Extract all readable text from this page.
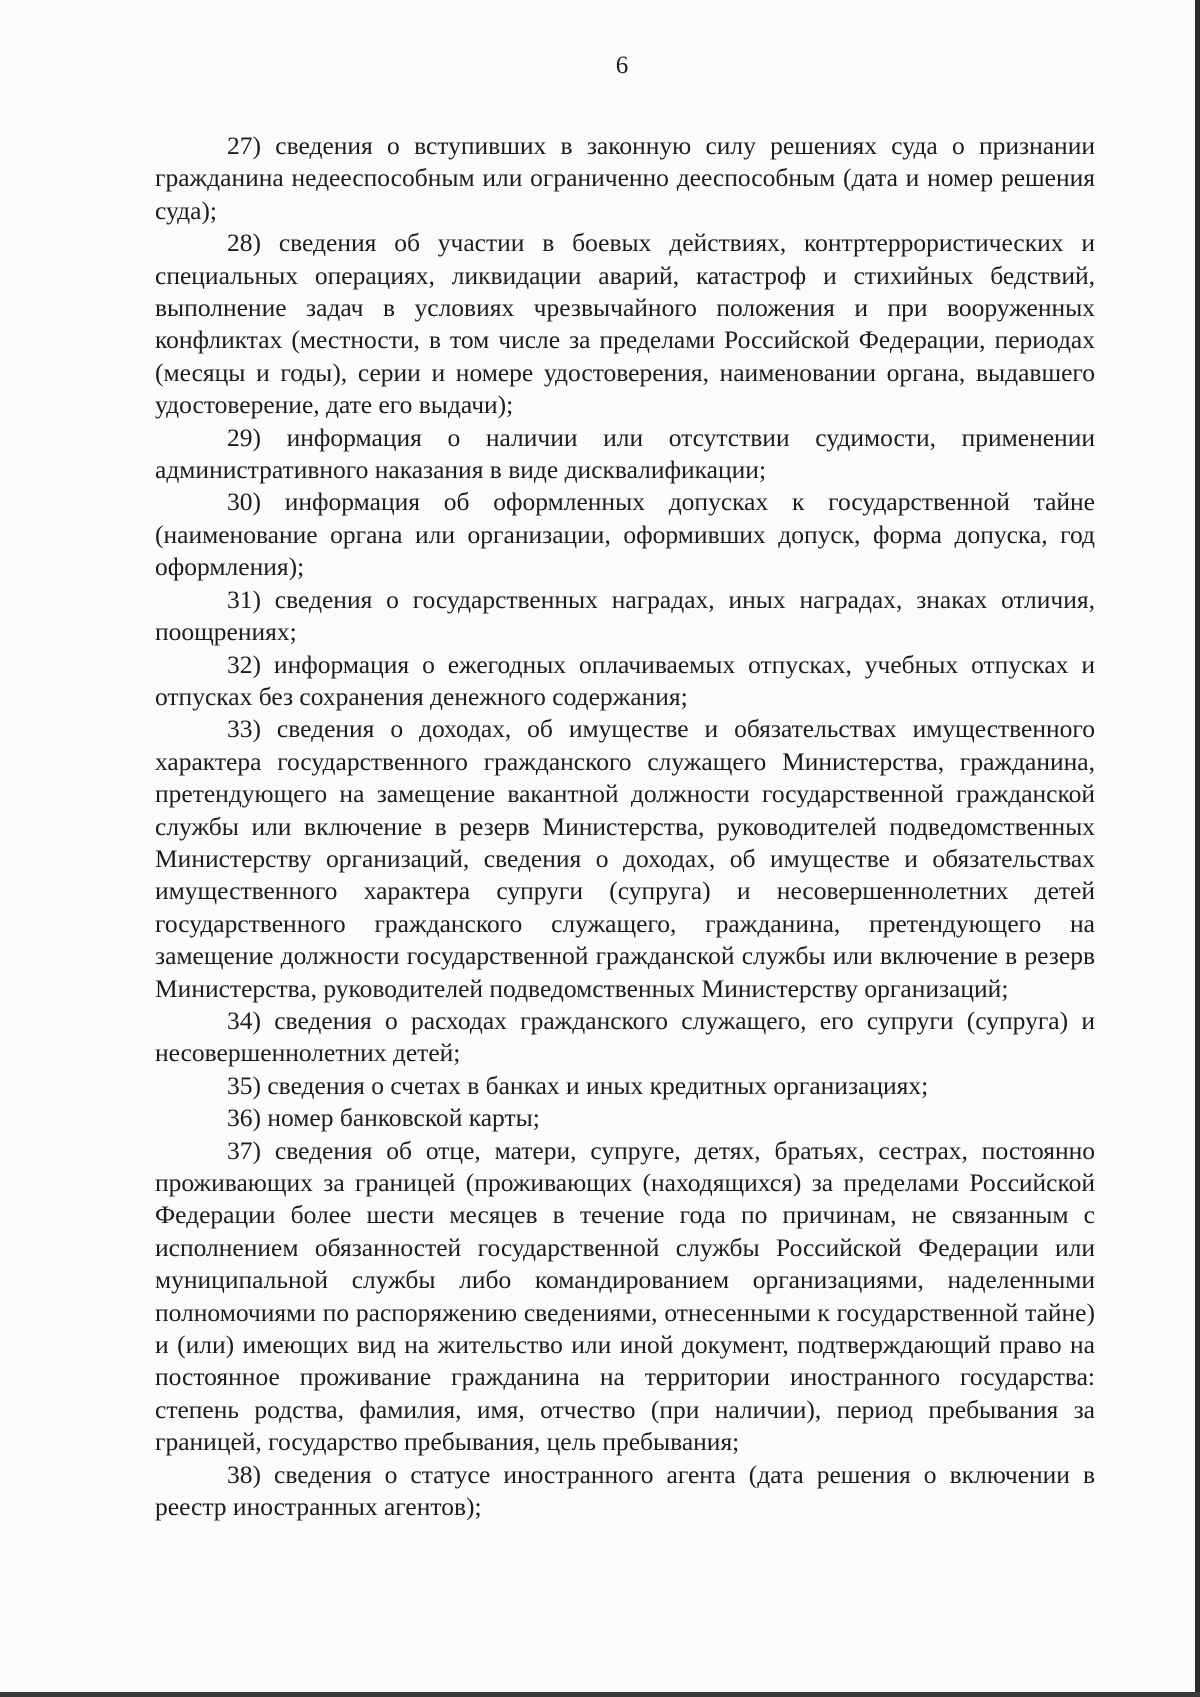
6

27) сведения о вступивших в законную силу решениях суда о признании гражданина недееспособным или ограниченно дееспособным (дата и номер решения суда);

28) сведения об участии в боевых действиях, контртеррористических и специальных операциях, ликвидации аварий, катастроф и стихийных бедствий, выполнение задач в условиях чрезвычайного положения и при вооруженных конфликтах (местности, в том числе за пределами Российской Федерации, периодах (месяцы и годы), серии и номере удостоверения, наименовании органа, выдавшего удостоверение, дате его выдачи);

29) информация о наличии или отсутствии судимости, применении административного наказания в виде дисквалификации;

30) информация об оформленных допусках к государственной тайне (наименование органа или организации, оформивших допуск, форма допуска, год оформления);

31) сведения о государственных наградах, иных наградах, знаках отличия, поощрениях;

32) информация о ежегодных оплачиваемых отпусках, учебных отпусках и отпусках без сохранения денежного содержания;

33) сведения о доходах, об имуществе и обязательствах имущественного характера государственного гражданского служащего Министерства, гражданина, претендующего на замещение вакантной должности государственной гражданской службы или включение в резерв Министерства, руководителей подведомственных Министерству организаций, сведения о доходах, об имуществе и обязательствах имущественного характера супруги (супруга) и несовершеннолетних детей государственного гражданского служащего, гражданина, претендующего на замещение должности государственной гражданской службы или включение в резерв Министерства, руководителей подведомственных Министерству организаций;

34) сведения о расходах гражданского служащего, его супруги (супруга) и несовершеннолетних детей;

35) сведения о счетах в банках и иных кредитных организациях;

36) номер банковской карты;

37) сведения об отце, матери, супруге, детях, братьях, сестрах, постоянно проживающих за границей (проживающих (находящихся) за пределами Российской Федерации более шести месяцев в течение года по причинам, не связанным с исполнением обязанностей государственной службы Российской Федерации или муниципальной службы либо командированием организациями, наделенными полномочиями по распоряжению сведениями, отнесенными к государственной тайне) и (или) имеющих вид на жительство или иной документ, подтверждающий право на постоянное проживание гражданина на территории иностранного государства: степень родства, фамилия, имя, отчество (при наличии), период пребывания за границей, государство пребывания, цель пребывания;

38) сведения о статусе иностранного агента (дата решения о включении в реестр иностранных агентов);
